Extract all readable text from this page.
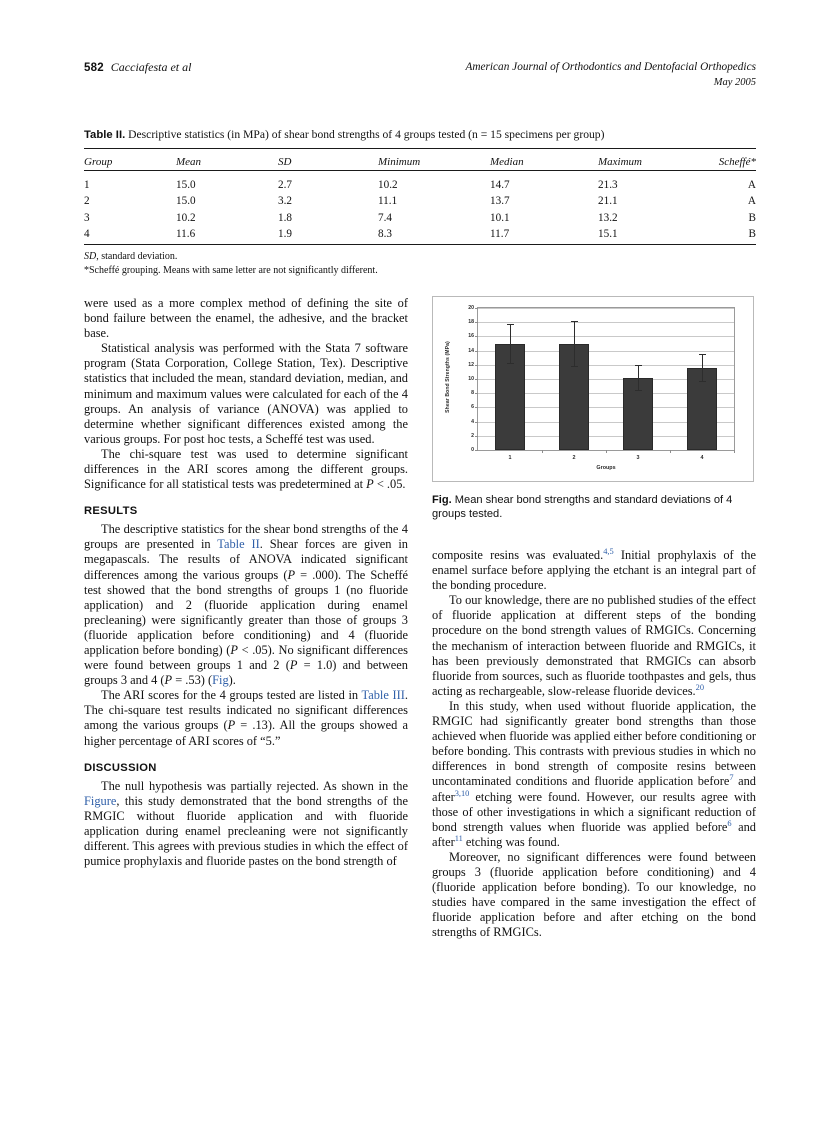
582 Cacciafesta et al	American Journal of Orthodontics and Dentofacial Orthopedics
May 2005
Table II. Descriptive statistics (in MPa) of shear bond strengths of 4 groups tested (n = 15 specimens per group)
Group	Mean	SD	Minimum	Median	Maximum	Scheffé*
1	15.0	2.7	10.2	14.7	21.3	A
2	15.0	3.2	11.1	13.7	21.1	A
3	10.2	1.8	7.4	10.1	13.2	B
4	11.6	1.9	8.3	11.7	15.1	B
SD, standard deviation.
*Scheffé grouping. Means with same letter are not significantly different.

were used as a more complex method of defining the site of bond failure between the enamel, the adhesive, and the bracket base.

Statistical analysis was performed with the Stata 7 software program (Stata Corporation, College Station, Tex). Descriptive statistics that included the mean, standard deviation, median, and minimum and maximum values were calculated for each of the 4 groups. An analysis of variance (ANOVA) was applied to determine whether significant differences existed among the various groups. For post hoc tests, a Scheffé test was used.

The chi-square test was used to determine significant differences in the ARI scores among the different groups. Significance for all statistical tests was predetermined at P < .05.

RESULTS

The descriptive statistics for the shear bond strengths of the 4 groups are presented in Table II. Shear forces are given in megapascals. The results of ANOVA indicated significant differences among the various groups (P = .000). The Scheffé test showed that the bond strengths of groups 1 (no fluoride application) and 2 (fluoride application during enamel precleaning) were significantly greater than those of groups 3 (fluoride application before conditioning) and 4 (fluoride application before bonding) (P < .05). No significant differences were found between groups 1 and 2 (P = 1.0) and between groups 3 and 4 (P = .53) (Fig).

The ARI scores for the 4 groups tested are listed in Table III. The chi-square test results indicated no significant differences among the various groups (P = .13). All the groups showed a higher percentage of ARI scores of “5.”

DISCUSSION

The null hypothesis was partially rejected. As shown in the Figure, this study demonstrated that the bond strengths of the RMGIC without fluoride application and with fluoride application during enamel precleaning were not significantly different. This agrees with previous studies in which the effect of pumice prophylaxis and fluoride pastes on the bond strength of

Shear Bond Strengths (MPa)
0
2
4
6
8
10
12
14
16
18
20
1	2	3	4
Groups
Fig. Mean shear bond strengths and standard deviations of 4 groups tested.

composite resins was evaluated.$^{4,5}$ Initial prophylaxis of the enamel surface before applying the etchant is an integral part of the bonding procedure.

To our knowledge, there are no published studies of the effect of fluoride application at different steps of the bonding procedure on the bond strength values of RMGICs. Concerning the mechanism of interaction between fluoride and RMGICs, it has been previously demonstrated that RMGICs can absorb fluoride from sources, such as fluoride toothpastes and gels, thus acting as rechargeable, slow-release fluoride devices.$^{20}$

In this study, when used without fluoride application, the RMGIC had significantly greater bond strengths than those achieved when fluoride was applied either before conditioning or before bonding. This contrasts with previous studies in which no differences in bond strength of composite resins between uncontaminated conditions and fluoride application before$^7$ and after$^{3,10}$ etching were found. However, our results agree with those of other investigations in which a significant reduction of bond strength values when fluoride was applied before$^6$ and after$^{11}$ etching was found.

Moreover, no significant differences were found between groups 3 (fluoride application before conditioning) and 4 (fluoride application before bonding). To our knowledge, no studies have compared in the same investigation the effect of fluoride application before and after etching on the bond strengths of RMGICs.
